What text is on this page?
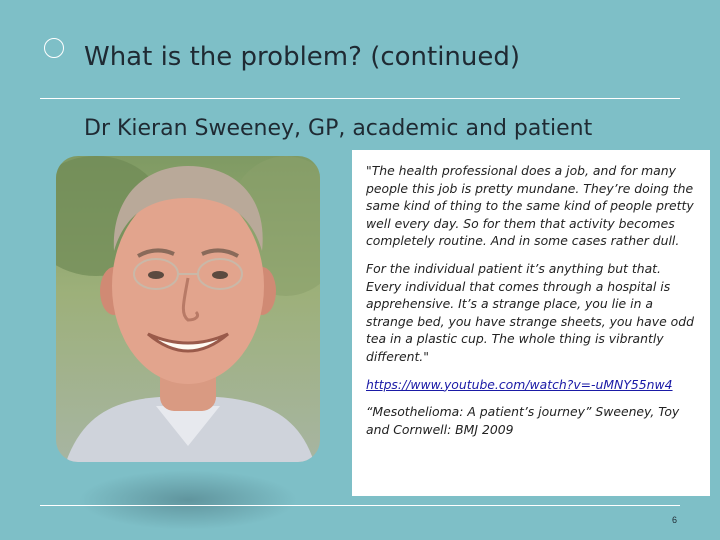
What is the problem? (continued)
Dr Kieran Sweeney, GP, academic and patient

"The health professional does a job, and for many people this job is pretty mundane. They’re doing the same kind of thing to the same kind of people pretty well every day. So for them that activity becomes completely routine. And in some cases rather dull.

For the individual patient it’s anything but that. Every individual that comes through a hospital is apprehensive. It’s a strange place, you lie in a strange bed, you have strange sheets, you have odd tea in a plastic cup. The whole thing is vibrantly different."

https://www.youtube.com/watch?v=-uMNY55nw4

“Mesothelioma: A patient’s journey” Sweeney, Toy and Cornwell: BMJ 2009

6
